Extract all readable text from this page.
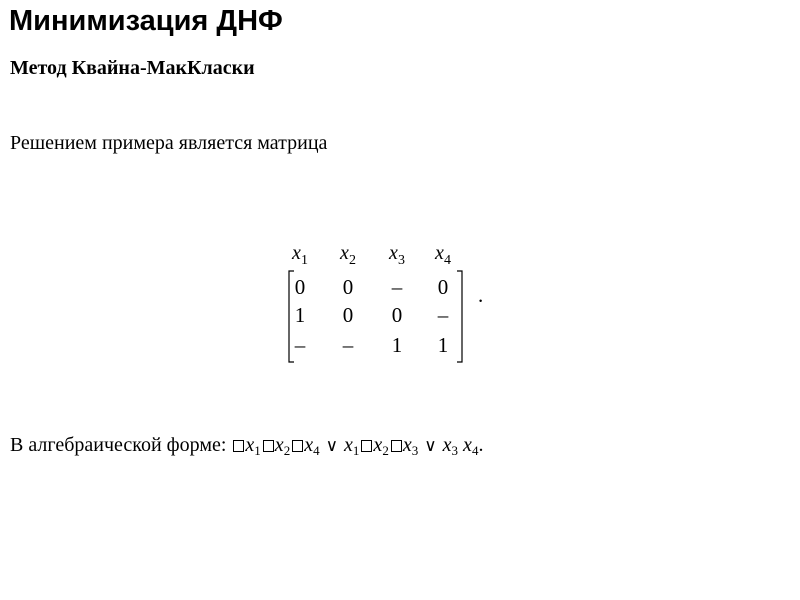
Минимизация ДНФ
Метод Квайна-МакКласки
Решением примера является матрица
$x_1$ $x_2$ $x_3$ $x_4$
0 0 – 0
1 0 0 –
– – 1 1
.
В алгебраической форме: $x_1$ $x_2$ $x_4$ ∨ $x_1$ $x_2$ $x_3$ ∨ $x_3$ $x_4$.
